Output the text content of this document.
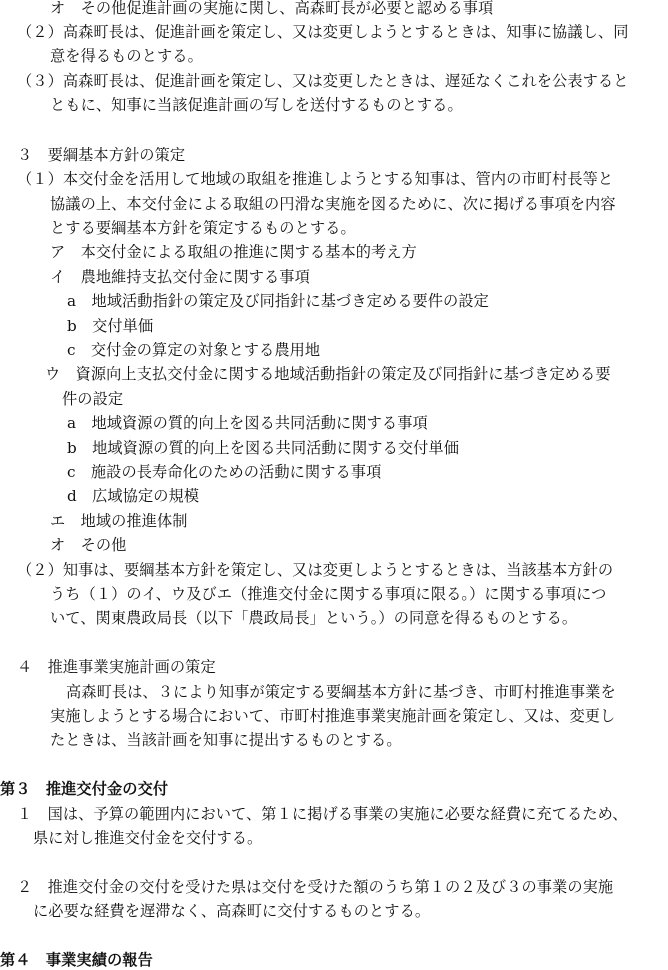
オ　その他促進計画の実施に関し、高森町長が必要と認める事項
（２）高森町長は、促進計画を策定し、又は変更しようとするときは、知事に協議し、同
意を得るものとする。
（３）高森町長は、促進計画を策定し、又は変更したときは、遅延なくこれを公表すると
ともに、知事に当該促進計画の写しを送付するものとする。
３　要綱基本方針の策定
（１）本交付金を活用して地域の取組を推進しようとする知事は、管内の市町村長等と
協議の上、本交付金による取組の円滑な実施を図るために、次に掲げる事項を内容
とする要綱基本方針を策定するものとする。
ア　本交付金による取組の推進に関する基本的考え方
イ　農地維持支払交付金に関する事項
a　地域活動指針の策定及び同指針に基づき定める要件の設定
b　交付単価
c　交付金の算定の対象とする農用地
ウ　資源向上支払交付金に関する地域活動指針の策定及び同指針に基づき定める要
件の設定
a　地域資源の質的向上を図る共同活動に関する事項
b　地域資源の質的向上を図る共同活動に関する交付単価
c　施設の長寿命化のための活動に関する事項
d　広域協定の規模
エ　地域の推進体制
オ　その他
（２）知事は、要綱基本方針を策定し、又は変更しようとするときは、当該基本方針の
うち（１）のイ、ウ及びエ（推進交付金に関する事項に限る。）に関する事項につ
いて、関東農政局長（以下「農政局長」という。）の同意を得るものとする。
４　推進事業実施計画の策定
高森町長は、３により知事が策定する要綱基本方針に基づき、市町村推進事業を
実施しようとする場合において、市町村推進事業実施計画を策定し、又は、変更し
たときは、当該計画を知事に提出するものとする。
第３　推進交付金の交付
１　国は、予算の範囲内において、第１に掲げる事業の実施に必要な経費に充てるため、
県に対し推進交付金を交付する。
２　推進交付金の交付を受けた県は交付を受けた額のうち第１の２及び３の事業の実施
に必要な経費を遅滞なく、高森町に交付するものとする。
第４　事業実績の報告
